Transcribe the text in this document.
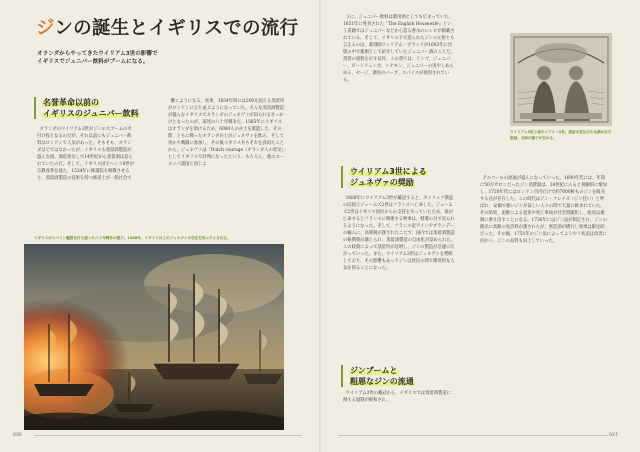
ジンの誕生とイギリスでの流行
オランダからやってきたウイリアム3世の影響で
イギリスでジュニパー飲料がブームになる。
名誉革命以前の
イギリスのジュニパー飲料

オランダのウイリアム3世がジンの大ブームの火付け役となるのだが、それ以前にもジュニパー飲料はロンドンで人気があった。そもそも、オランダはどではなかったが、イギリスも蒸留酒製造が盛んな国。酒造免なしで14世紀から蒸留酒は造られていたのだ。そして、イギリス国王ヘンリ8世が宗教改革を経た、1534年に修道院を解散させると、蒸留酒製造の技術を持つ修道士が一般社会で

働くようになる。結果、1634年時には200を超える蒸留所がロンドンに立ち並ぶようになっていた。そんな蒸留酒製造が盛んなイギリスでオランダのジュネヴァが知られるきっかけとなったのが、前述の八十年戦争だ。1585年にイギリスはオランダを助けるため、6000人の兵士を派遣した。その際、ともに戦ったオランダ兵士がジュネヴァを飲み、そして勇かち戦闘に参加し、その後イギリス兵もそれを真似たことから、ジュネヴァは「Dutch courage（オランダ人の勇気）」としてイギリスで評判になったという。もちろん、他のヨーロッパ諸国と同じよ

イギリスがスペイン艦隊を打ち破った八十年戦争の様子。1588年、イギリスはこのジュネヴァの存在を知ったとされる。
036

うに、ジュニパー飲料は薬用酒としても広まっていた。1651年に発刊された「The English Housewife」という書籍ではジュニパーなどから造る香水のレシピが掲載されている。そして、イギリス下で造られたジンの元祖とも言えるのは、薬剤師ウィリアム・ブラッドが1602年に出版の中で薬剤として紹介していたジュニパー酒のことだ。蒸留の過程を示す以外、この書では、リンゴ、ジュニパー、ビートリュンカ、シナモン、ジュニパーの実やしあらゆる、セージ、薬用のバーブ、スパイスが使用されている。

ウイリアム3世と妻のメアリー2世。蒸留の宣伝のため描かれた版画。当時の様子が伝わる。
ウイリアム3世による
ジュネヴァの奨励

1688年にウイリアム3世が戴冠すると、カトリック教徒の旧国王ジェームズ2世はフランスへ亡命した。ジェームズ2世はイギリス国民からの支持を失っていたため、彼が亡命するとフランスに関係する物事は、軽蔑の目で見られるようになった。そして、フランス産ワインやブランデーの輸入に、高関税が課されたことで、国内では蒸留酒製造の振興策が講じられ、蒸留酒製造の自由化が認められた。この政策によって蒸留所が急増し、ジンの製造が急速に広がっていった。また、ウイリアム3世はジュネヴァを愛飲しており、その影響もあってジンは庶民の間で爆発的な人気を得ることになった。

ジンブームと
粗悪なジンの流通

ウイリアム3世の戴冠から、イギリスでは蒸留酒製造に関する規制が緩和され、

アルコールの流通が盛んになっていった。1690年代には、年間に50万ガロンだったジン消費量は、18世紀に入ると飛躍的に増加し、1720年代にはロンドン市内だけで約7000軒ものジンを販売する店が存在した。この時代はジン・クレイズ（ジン狂い）と呼ばれ、安価で強いジンが貧しい人々の間で大量に飲まれていた。その結果、泥酔による犯罪や死亡事故が社会問題化し、政府は規制に乗り出すことになる。1736年にはジン法が制定され、ジンの販売に高額の免許料が課されたが、密造酒が横行し効果は限定的だった。その後、1751年のジン法によってようやく状況は改善に向かい、ジンの品質も向上していった。

037
